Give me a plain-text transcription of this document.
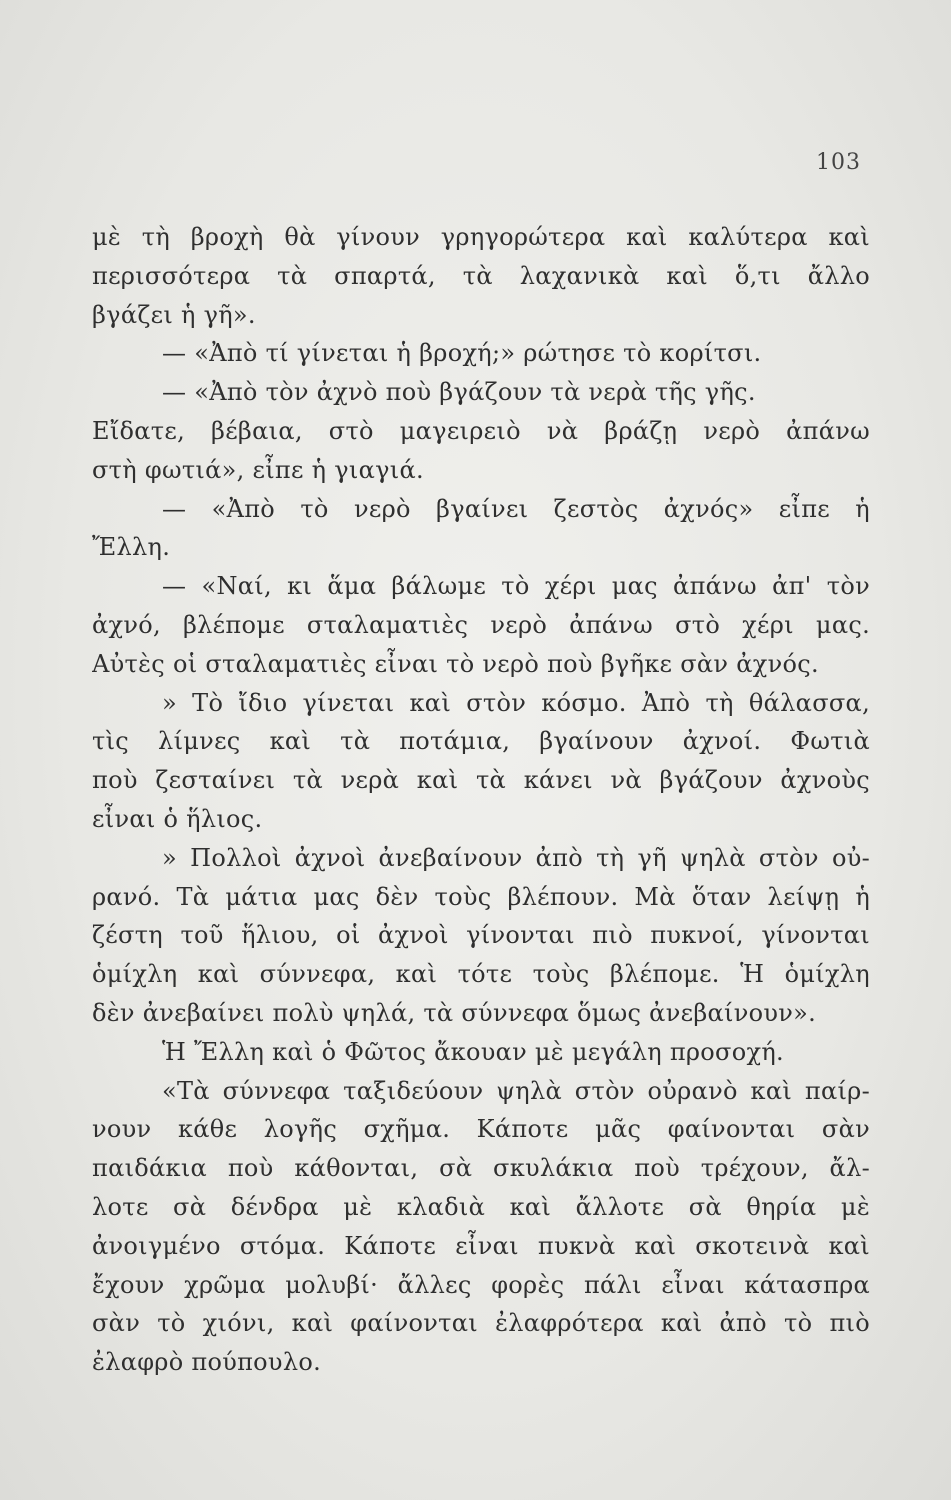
103
μὲ τὴ βροχὴ θὰ γίνουν γρηγορώτερα καὶ καλύτερα καὶ
περισσότερα τὰ σπαρτά, τὰ λαχανικὰ καὶ ὅ,τι ἄλλο
βγάζει ἡ γῆ».
— «Ἀπὸ τί γίνεται ἡ βροχή;» ρώτησε τὸ κορίτσι.
— «Ἀπὸ τὸν ἀχνὸ ποὺ βγάζουν τὰ νερὰ τῆς γῆς.
Εἴδατε, βέβαια, στὸ μαγειρειὸ νὰ βράζῃ νερὸ ἀπάνω
στὴ φωτιά», εἶπε ἡ γιαγιά.
— «Ἀπὸ τὸ νερὸ βγαίνει ζεστὸς ἀχνός» εἶπε ἡ
Ἔλλη.
— «Ναί, κι ἅμα βάλωμε τὸ χέρι μας ἀπάνω ἀπ' τὸν
ἀχνό, βλέπομε σταλαματιὲς νερὸ ἀπάνω στὸ χέρι μας.
Αὐτὲς οἱ σταλαματιὲς εἶναι τὸ νερὸ ποὺ βγῆκε σὰν ἀχνός.
» Τὸ ἴδιο γίνεται καὶ στὸν κόσμο. Ἀπὸ τὴ θάλασσα,
τὶς λίμνες καὶ τὰ ποτάμια, βγαίνουν ἀχνοί. Φωτιὰ
ποὺ ζεσταίνει τὰ νερὰ καὶ τὰ κάνει νὰ βγάζουν ἀχνοὺς
εἶναι ὁ ἥλιος.
» Πολλοὶ ἀχνοὶ ἀνεβαίνουν ἀπὸ τὴ γῆ ψηλὰ στὸν οὐ-
ρανό. Τὰ μάτια μας δὲν τοὺς βλέπουν. Μὰ ὅταν λείψῃ ἡ
ζέστη τοῦ ἥλιου, οἱ ἀχνοὶ γίνονται πιὸ πυκνοί, γίνονται
ὁμίχλη καὶ σύννεφα, καὶ τότε τοὺς βλέπομε. Ἡ ὁμίχλη
δὲν ἀνεβαίνει πολὺ ψηλά, τὰ σύννεφα ὅμως ἀνεβαίνουν».
Ἡ Ἔλλη καὶ ὁ Φῶτος ἄκουαν μὲ μεγάλη προσοχή.
«Τὰ σύννεφα ταξιδεύουν ψηλὰ στὸν οὐρανὸ καὶ παίρ-
νουν κάθε λογῆς σχῆμα. Κάποτε μᾶς φαίνονται σὰν
παιδάκια ποὺ κάθονται, σὰ σκυλάκια ποὺ τρέχουν, ἄλ-
λοτε σὰ δένδρα μὲ κλαδιὰ καὶ ἄλλοτε σὰ θηρία μὲ
ἀνοιγμένο στόμα. Κάποτε εἶναι πυκνὰ καὶ σκοτεινὰ καὶ
ἔχουν χρῶμα μολυβί· ἄλλες φορὲς πάλι εἶναι κάτασπρα
σὰν τὸ χιόνι, καὶ φαίνονται ἐλαφρότερα καὶ ἀπὸ τὸ πιὸ
ἐλαφρὸ πούπουλο.
